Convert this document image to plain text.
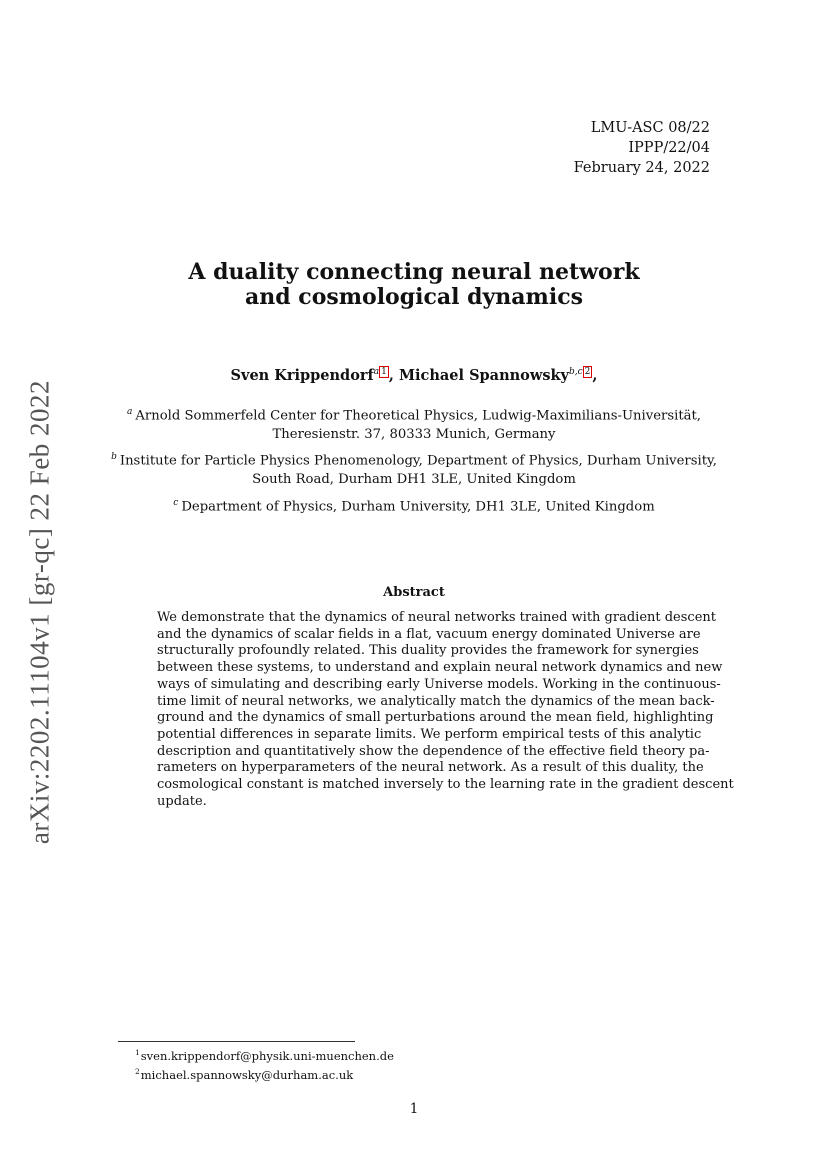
LMU-ASC 08/22
IPPP/22/04
February 24, 2022
arXiv:2202.11104v1 [gr-qc] 22 Feb 2022
A duality connecting neural network
and cosmological dynamics
Sven Krippendorf$^{a 1}$ , Michael Spannowsky$^{b,c 2}$ ,
$^a$ Arnold Sommerfeld Center for Theoretical Physics, Ludwig-Maximilians-Universität,
Theresienstr. 37, 80333 Munich, Germany
$^b$ Institute for Particle Physics Phenomenology, Department of Physics, Durham University,
South Road, Durham DH1 3LE, United Kingdom
$^c$ Department of Physics, Durham University, DH1 3LE, United Kingdom
Abstract
We demonstrate that the dynamics of neural networks trained with gradient descent
and the dynamics of scalar fields in a flat, vacuum energy dominated Universe are
structurally profoundly related. This duality provides the framework for synergies
between these systems, to understand and explain neural network dynamics and new
ways of simulating and describing early Universe models. Working in the continuous-
time limit of neural networks, we analytically match the dynamics of the mean back-
ground and the dynamics of small perturbations around the mean field, highlighting
potential differences in separate limits. We perform empirical tests of this analytic
description and quantitatively show the dependence of the effective field theory pa-
rameters on hyperparameters of the neural network. As a result of this duality, the
cosmological constant is matched inversely to the learning rate in the gradient descent
update.
$^1$sven.krippendorf@physik.uni-muenchen.de
$^2$michael.spannowsky@durham.ac.uk
1
